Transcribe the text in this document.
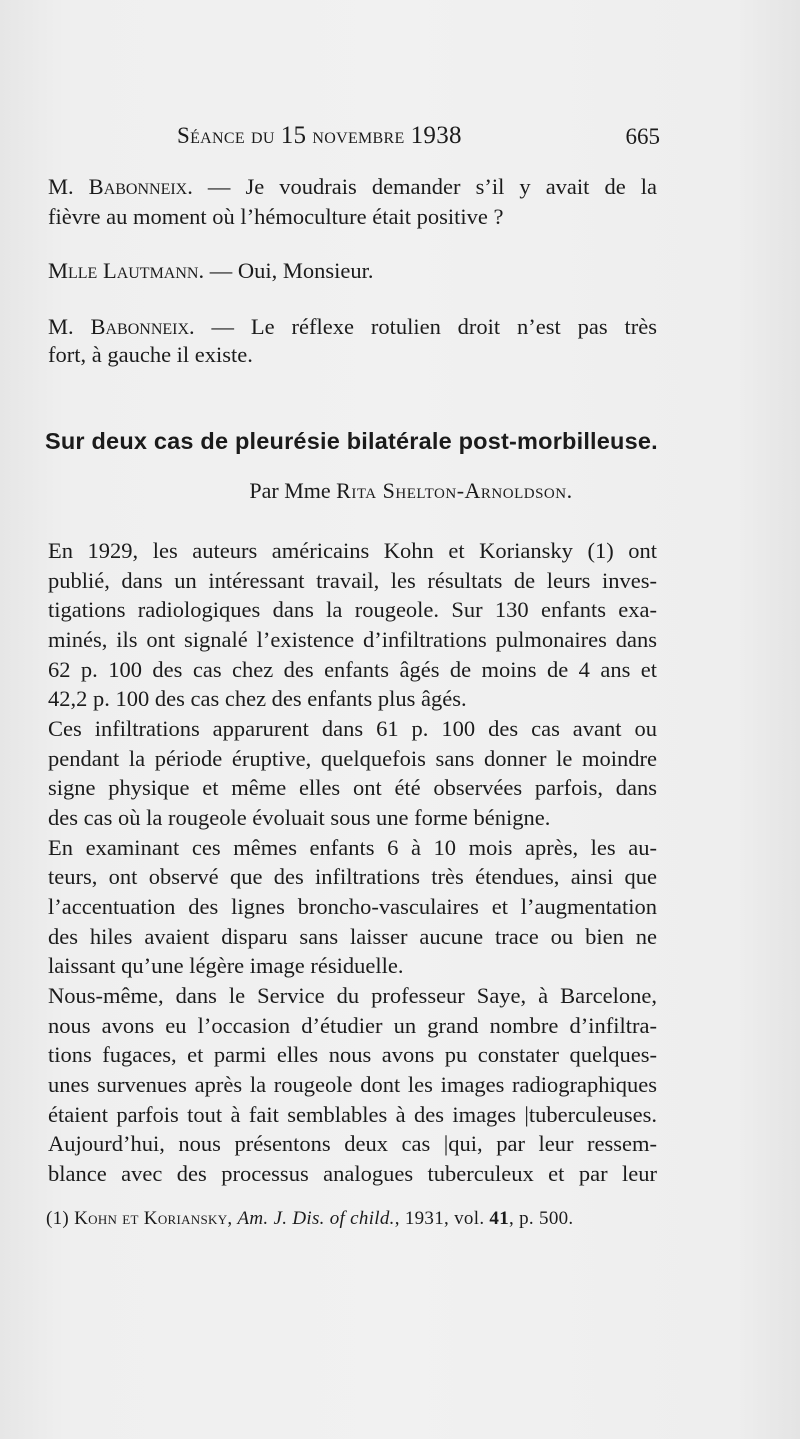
Séance du 15 novembre 1938	665
M. Babonneix. — Je voudrais demander s’il y avait de la
fièvre au moment où l’hémoculture était positive ?
Mlle Lautmann. — Oui, Monsieur.
M. Babonneix. — Le réflexe rotulien droit n’est pas très
fort, à gauche il existe.
Sur deux cas de pleurésie bilatérale post-morbilleuse.
Par Mme Rita Shelton-Arnoldson.
En 1929, les auteurs américains Kohn et Koriansky (1) ont
publié, dans un intéressant travail, les résultats de leurs inves-
tigations radiologiques dans la rougeole. Sur 130 enfants exa-
minés, ils ont signalé l’existence d’infiltrations pulmonaires dans
62 p. 100 des cas chez des enfants âgés de moins de 4 ans et
42,2 p. 100 des cas chez des enfants plus âgés.
Ces infiltrations apparurent dans 61 p. 100 des cas avant ou
pendant la période éruptive, quelquefois sans donner le moindre
signe physique et même elles ont été observées parfois, dans
des cas où la rougeole évoluait sous une forme bénigne.
En examinant ces mêmes enfants 6 à 10 mois après, les au-
teurs, ont observé que des infiltrations très étendues, ainsi que
l’accentuation des lignes broncho-vasculaires et l’augmentation
des hiles avaient disparu sans laisser aucune trace ou bien ne
laissant qu’une légère image résiduelle.
Nous-même, dans le Service du professeur Saye, à Barcelone,
nous avons eu l’occasion d’étudier un grand nombre d’infiltra-
tions fugaces, et parmi elles nous avons pu constater quelques-
unes survenues après la rougeole dont les images radiographiques
étaient parfois tout à fait semblables à des images |tuberculeuses.
Aujourd’hui, nous présentons deux cas |qui, par leur ressem-
blance avec des processus analogues tuberculeux et par leur
(1) Kohn et Koriansky, Am. J. Dis. of child., 1931, vol. 41, p. 500.
